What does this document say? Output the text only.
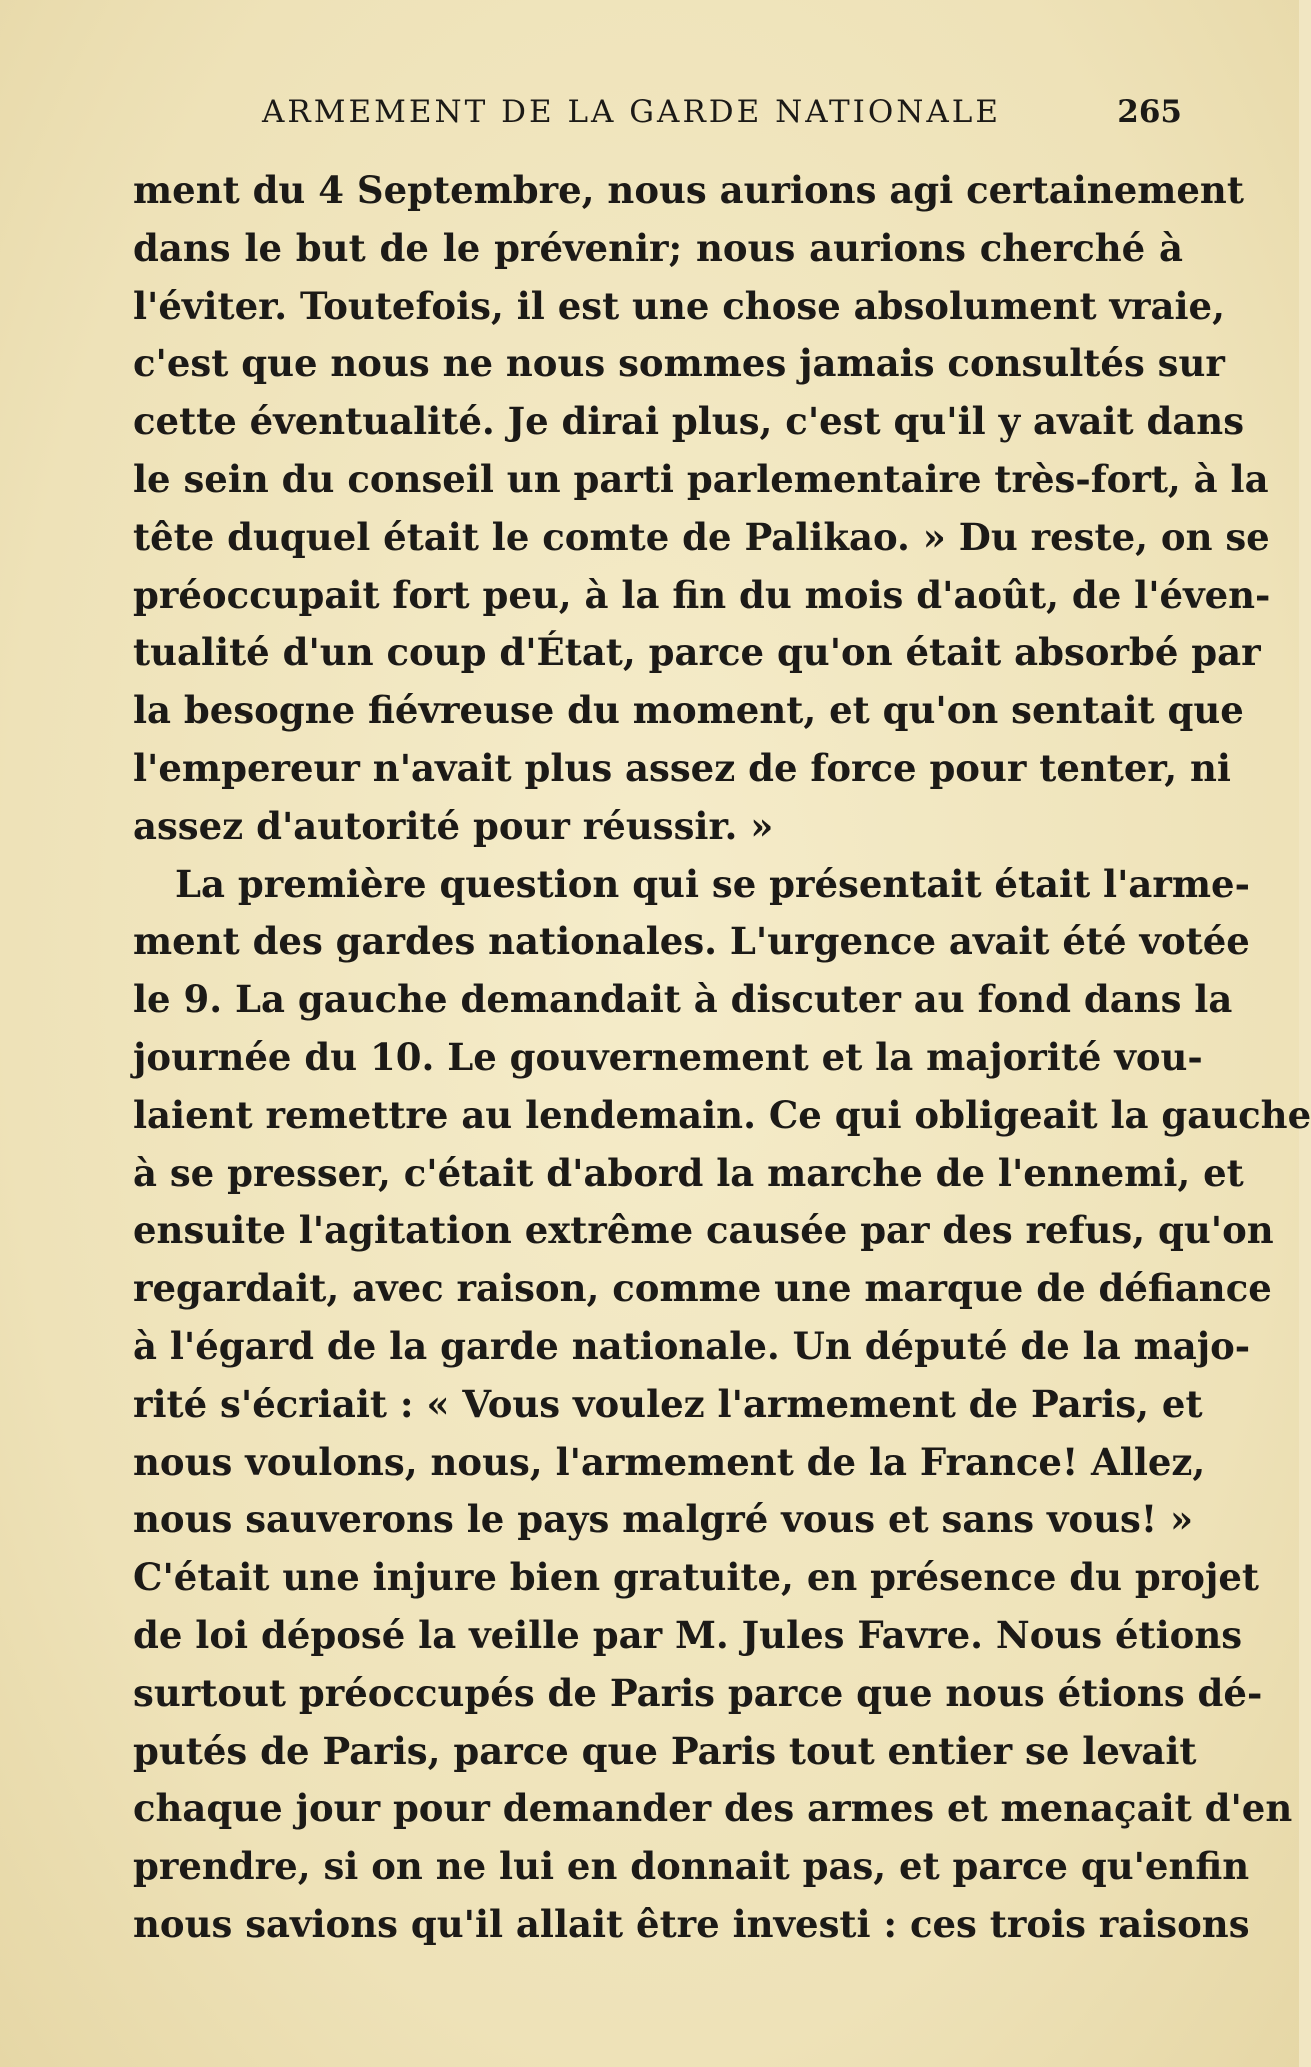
ARMEMENT DE LA GARDE NATIONALE	265
ment du 4 Septembre, nous aurions agi certainement
dans le but de le prévenir; nous aurions cherché à
l'éviter. Toutefois, il est une chose absolument vraie,
c'est que nous ne nous sommes jamais consultés sur
cette éventualité. Je dirai plus, c'est qu'il y avait dans
le sein du conseil un parti parlementaire très-fort, à la
tête duquel était le comte de Palikao. » Du reste, on se
préoccupait fort peu, à la fin du mois d'août, de l'éven-
tualité d'un coup d'État, parce qu'on était absorbé par
la besogne fiévreuse du moment, et qu'on sentait que
l'empereur n'avait plus assez de force pour tenter, ni
assez d'autorité pour réussir. »
La première question qui se présentait était l'arme-
ment des gardes nationales. L'urgence avait été votée
le 9. La gauche demandait à discuter au fond dans la
journée du 10. Le gouvernement et la majorité vou-
laient remettre au lendemain. Ce qui obligeait la gauche
à se presser, c'était d'abord la marche de l'ennemi, et
ensuite l'agitation extrême causée par des refus, qu'on
regardait, avec raison, comme une marque de défiance
à l'égard de la garde nationale. Un député de la majo-
rité s'écriait : « Vous voulez l'armement de Paris, et
nous voulons, nous, l'armement de la France! Allez,
nous sauverons le pays malgré vous et sans vous! »
C'était une injure bien gratuite, en présence du projet
de loi déposé la veille par M. Jules Favre. Nous étions
surtout préoccupés de Paris parce que nous étions dé-
putés de Paris, parce que Paris tout entier se levait
chaque jour pour demander des armes et menaçait d'en
prendre, si on ne lui en donnait pas, et parce qu'enfin
nous savions qu'il allait être investi : ces trois raisons
